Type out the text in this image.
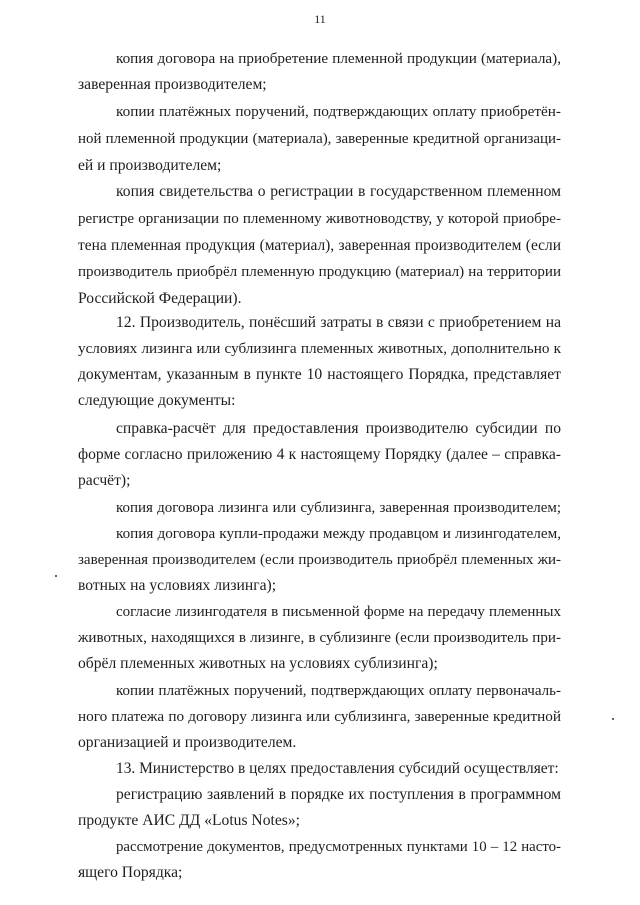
11
копия договора на приобретение племенной продукции (материала),
заверенная производителем;
копии платёжных поручений, подтверждающих оплату приобретён-
ной племенной продукции (материала), заверенные кредитной организаци-
ей и производителем;
копия свидетельства о регистрации в государственном племенном
регистре организации по племенному животноводству, у которой приобре-
тена племенная продукция (материал), заверенная производителем (если
производитель приобрёл племенную продукцию (материал) на территории
Российской Федерации).
12. Производитель, понёсший затраты в связи с приобретением на
условиях лизинга или сублизинга племенных животных, дополнительно к
документам, указанным в пункте 10 настоящего Порядка, представляет
следующие документы:
справка-расчёт для предоставления производителю субсидии по
форме согласно приложению 4 к настоящему Порядку (далее – справка-
расчёт);
копия договора лизинга или сублизинга, заверенная производителем;
копия договора купли-продажи между продавцом и лизингодателем,
заверенная производителем (если производитель приобрёл племенных жи-
вотных на условиях лизинга);
согласие лизингодателя в письменной форме на передачу племенных
животных, находящихся в лизинге, в сублизинге (если производитель при-
обрёл племенных животных на условиях сублизинга);
копии платёжных поручений, подтверждающих оплату первоначаль-
ного платежа по договору лизинга или сублизинга, заверенные кредитной
организацией и производителем.
13. Министерство в целях предоставления субсидий осуществляет:
регистрацию заявлений в порядке их поступления в программном
продукте АИС ДД «Lotus Notes»;
рассмотрение документов, предусмотренных пунктами 10 – 12 насто-
ящего Порядка;
